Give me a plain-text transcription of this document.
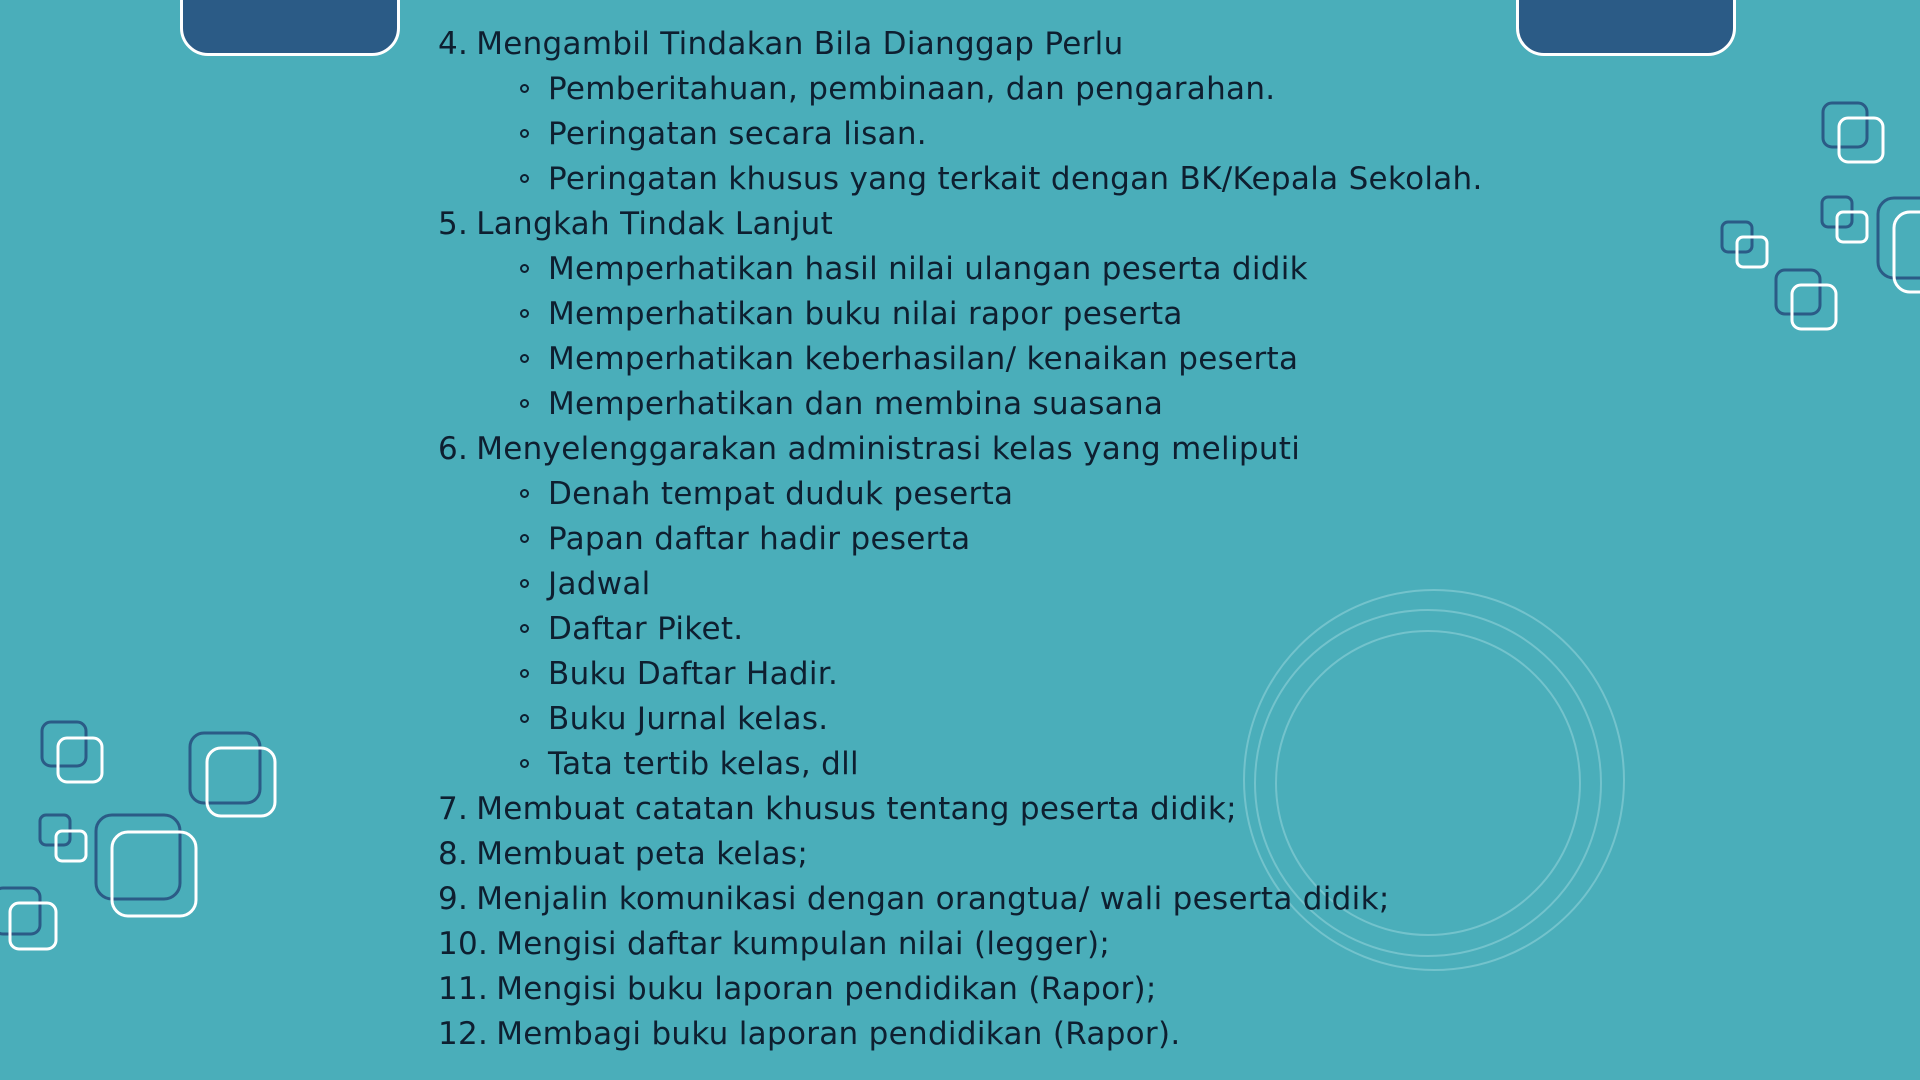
4. Mengambil Tindakan Bila Dianggap Perlu
Pemberitahuan, pembinaan, dan pengarahan.
Peringatan secara lisan.
Peringatan khusus yang terkait dengan BK/Kepala Sekolah.
5. Langkah Tindak Lanjut
Memperhatikan hasil nilai ulangan peserta didik
Memperhatikan buku nilai rapor peserta
Memperhatikan keberhasilan/ kenaikan peserta
Memperhatikan dan membina suasana
6. Menyelenggarakan administrasi kelas yang meliputi
Denah tempat duduk peserta
Papan daftar hadir peserta
Jadwal
Daftar Piket.
Buku Daftar Hadir.
Buku Jurnal kelas.
Tata tertib kelas, dll
7. Membuat catatan khusus tentang peserta didik;
8. Membuat peta kelas;
9. Menjalin komunikasi dengan orangtua/ wali peserta didik;
10. Mengisi daftar kumpulan nilai (legger);
11. Mengisi buku laporan pendidikan (Rapor);
12. Membagi buku laporan pendidikan (Rapor).
